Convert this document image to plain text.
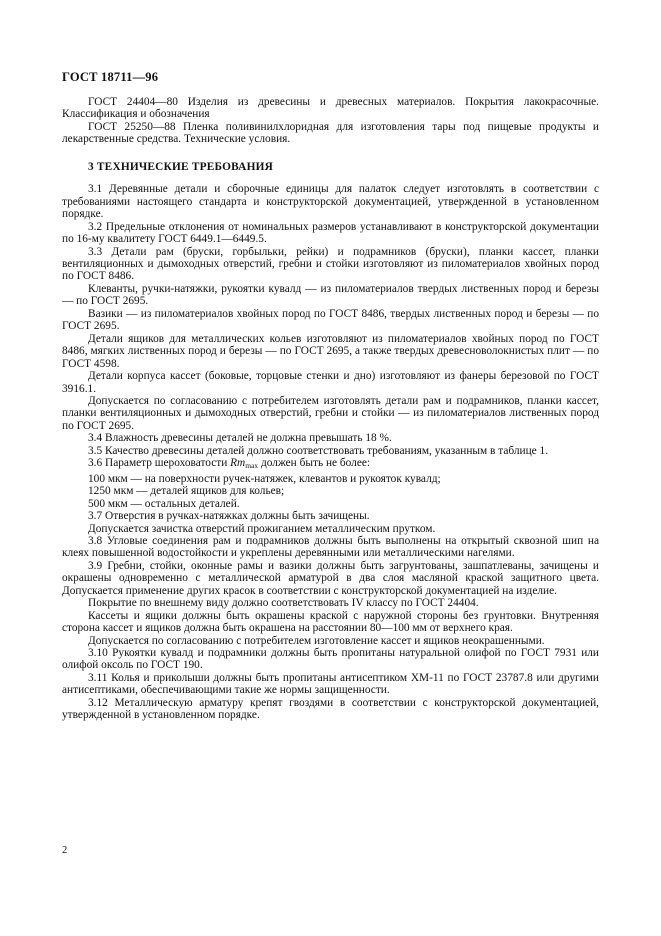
ГОСТ 18711—96

ГОСТ 24404—80 Изделия из древесины и древесных материалов. Покрытия лакокрасочные. Классификация и обозначения

ГОСТ 25250—88 Пленка поливинилхлоридная для изготовления тары под пищевые продукты и лекарственные средства. Технические условия.

3 ТЕХНИЧЕСКИЕ ТРЕБОВАНИЯ

3.1 Деревянные детали и сборочные единицы для палаток следует изготовлять в соответствии с требованиями настоящего стандарта и конструкторской документацией, утвержденной в установленном порядке.

3.2 Предельные отклонения от номинальных размеров устанавливают в конструкторской документации по 16-му квалитету ГОСТ 6449.1—6449.5.

3.3 Детали рам (бруски, горбыльки, рейки) и подрамников (бруски), планки кассет, планки вентиляционных и дымоходных отверстий, гребни и стойки изготовляют из пиломатериалов хвойных пород по ГОСТ 8486.

Клеванты, ручки-натяжки, рукоятки кувалд — из пиломатериалов твердых лиственных пород и березы — по ГОСТ 2695.

Вазики — из пиломатериалов хвойных пород по ГОСТ 8486, твердых лиственных пород и березы — по ГОСТ 2695.

Детали ящиков для металлических кольев изготовляют из пиломатериалов хвойных пород по ГОСТ 8486, мягких лиственных пород и березы — по ГОСТ 2695, а также твердых древесноволокнистых плит — по ГОСТ 4598.

Детали корпуса кассет (боковые, торцовые стенки и дно) изготовляют из фанеры березовой по ГОСТ 3916.1.

Допускается по согласованию с потребителем изготовлять детали рам и подрамников, планки кассет, планки вентиляционных и дымоходных отверстий, гребни и стойки — из пиломатериалов лиственных пород по ГОСТ 2695.

3.4 Влажность древесины деталей не должна превышать 18 %.

3.5 Качество древесины деталей должно соответствовать требованиям, указанным в таблице 1.

3.6 Параметр шероховатости $Rm_{max}$ должен быть не более:

100 мкм — на поверхности ручек-натяжек, клевантов и рукояток кувалд;

1250 мкм — деталей ящиков для кольев;

500 мкм — остальных деталей.

3.7 Отверстия в ручках-натяжках должны быть зачищены.

Допускается зачистка отверстий прожиганием металлическим прутком.

3.8 Угловые соединения рам и подрамников должны быть выполнены на открытый сквозной шип на клеях повышенной водостойкости и укреплены деревянными или металлическими нагелями.

3.9 Гребни, стойки, оконные рамы и вазики должны быть загрунтованы, зашпатлеваны, зачищены и окрашены одновременно с металлической арматурой в два слоя масляной краской защитного цвета. Допускается применение других красок в соответствии с конструкторской документацией на изделие.

Покрытие по внешнему виду должно соответствовать IV классу по ГОСТ 24404.

Кассеты и ящики должны быть окрашены краской с наружной стороны без грунтовки. Внутренняя сторона кассет и ящиков должна быть окрашена на расстоянии 80—100 мм от верхнего края.

Допускается по согласованию с потребителем изготовление кассет и ящиков неокрашенными.

3.10 Рукоятки кувалд и подрамники должны быть пропитаны натуральной олифой по ГОСТ 7931 или олифой оксоль по ГОСТ 190.

3.11 Колья и приколыши должны быть пропитаны антисептиком ХМ-11 по ГОСТ 23787.8 или другими антисептиками, обеспечивающими такие же нормы защищенности.

3.12 Металлическую арматуру крепят гвоздями в соответствии с конструкторской документацией, утвержденной в установленном порядке.

2
